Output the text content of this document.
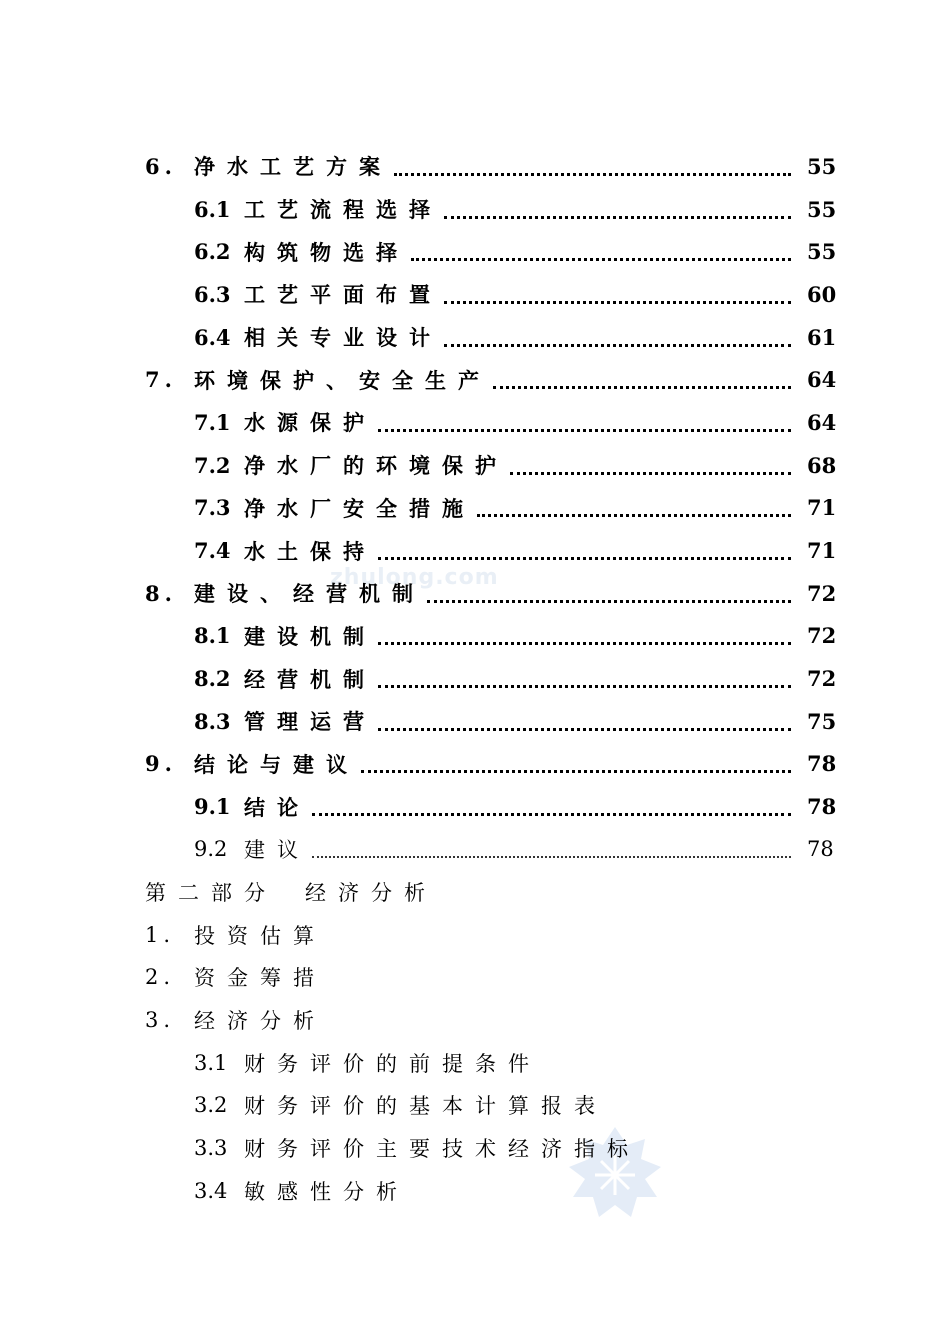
zhulong.com
6. 净水工艺方案	55
6.1 工艺流程选择	55
6.2 构筑物选择	55
6.3 工艺平面布置	60
6.4 相关专业设计	61
7. 环境保护、安全生产	64
7.1 水源保护	64
7.2 净水厂的环境保护	68
7.3 净水厂安全措施	71
7.4 水土保持	71
8. 建设、经营机制	72
8.1 建设机制	72
8.2 经营机制	72
8.3 管理运营	75
9. 结论与建议	78
9.1 结论	78
9.2 建议	78
第二部分 经济分析
1. 投资估算
2. 资金筹措
3. 经济分析
3.1 财务评价的前提条件
3.2 财务评价的基本计算报表
3.3 财务评价主要技术经济指标
3.4 敏感性分析
